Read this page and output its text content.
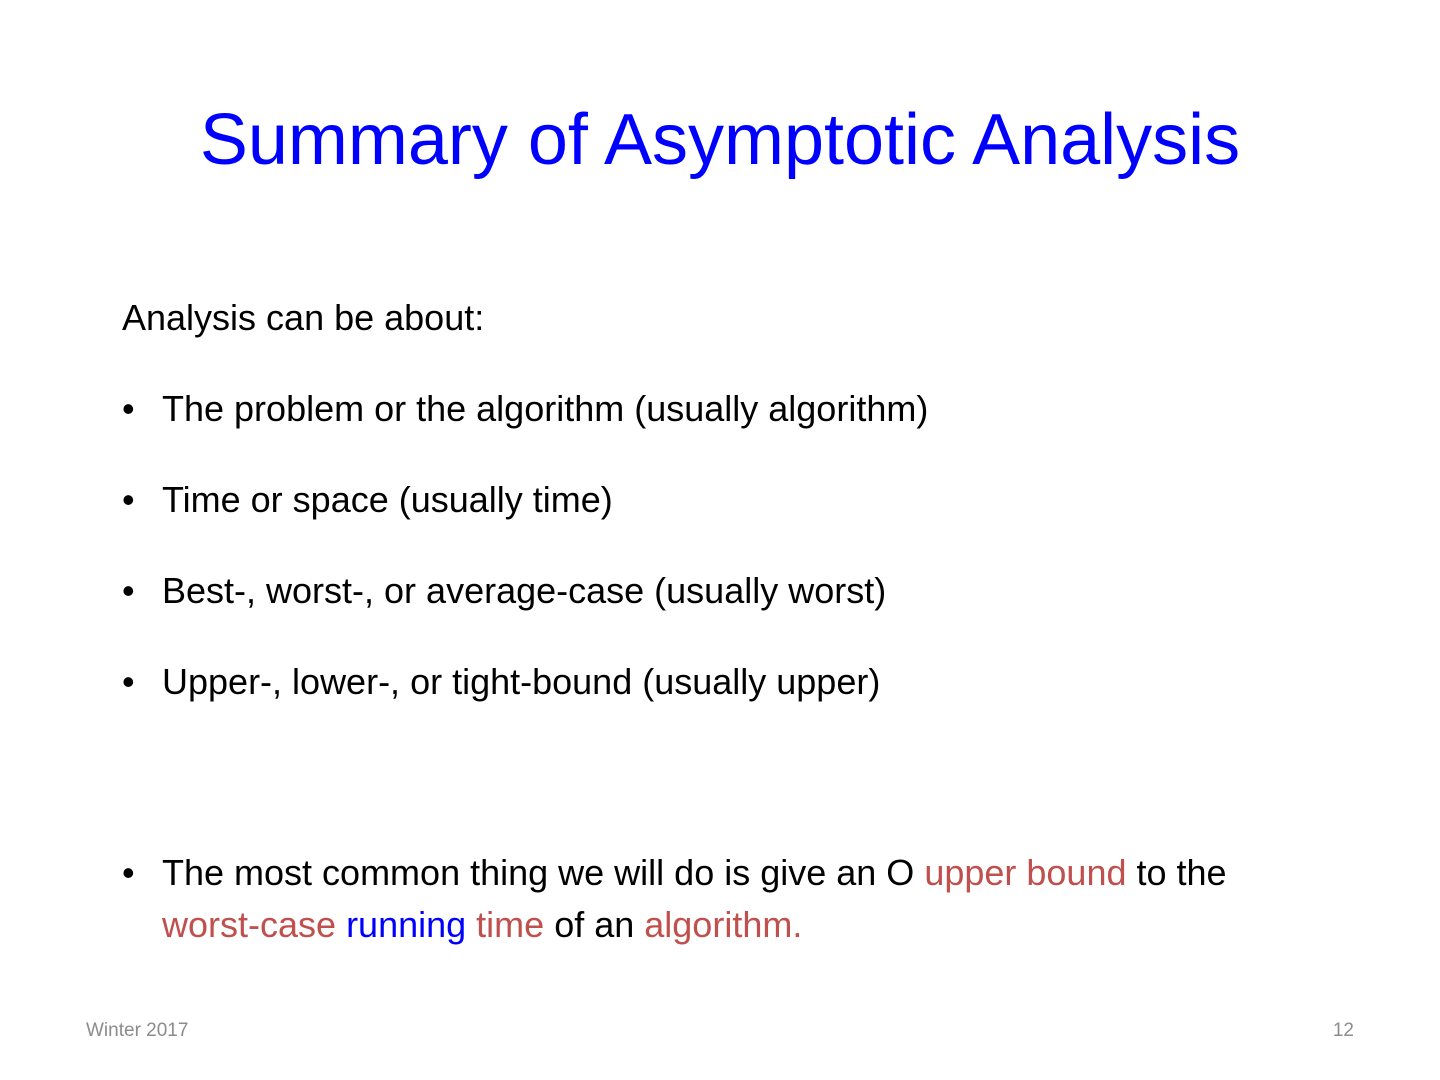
Summary of Asymptotic Analysis
Analysis can be about:
• The problem or the algorithm (usually algorithm)
• Time or space (usually time)
• Best-, worst-, or average-case (usually worst)
• Upper-, lower-, or tight-bound (usually upper)
• The most common thing we will do is give an O upper bound to the worst-case running time of an algorithm.
Winter 2017	12
